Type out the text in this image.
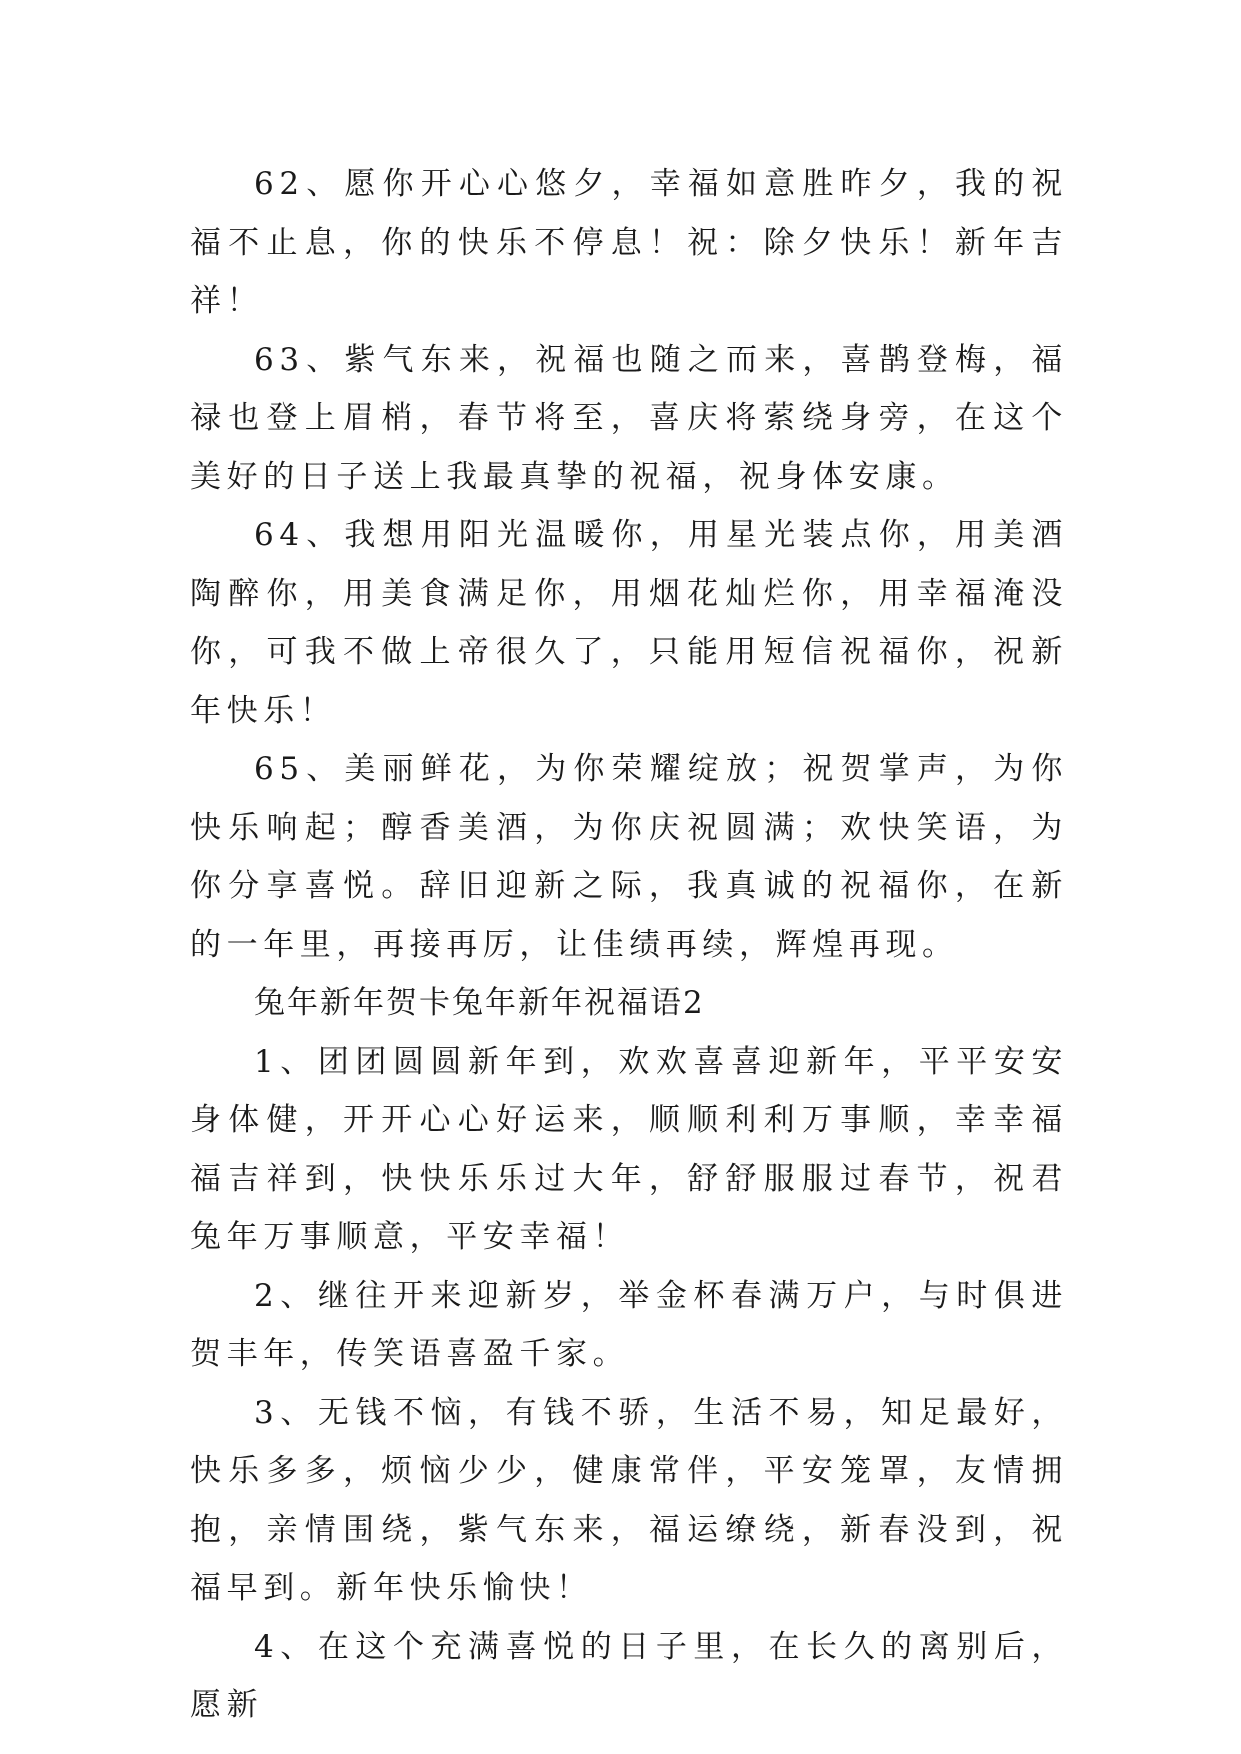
62、愿你开心心悠夕，幸福如意胜昨夕，我的祝福不止息，你的快乐不停息！祝：除夕快乐！新年吉祥！

63、紫气东来，祝福也随之而来，喜鹊登梅，福禄也登上眉梢，春节将至，喜庆将萦绕身旁，在这个美好的日子送上我最真挚的祝福，祝身体安康。

64、我想用阳光温暖你，用星光装点你，用美酒陶醉你，用美食满足你，用烟花灿烂你，用幸福淹没你，可我不做上帝很久了，只能用短信祝福你，祝新年快乐！

65、美丽鲜花，为你荣耀绽放；祝贺掌声，为你快乐响起；醇香美酒，为你庆祝圆满；欢快笑语，为你分享喜悦。辞旧迎新之际，我真诚的祝福你，在新的一年里，再接再厉，让佳绩再续，辉煌再现。

兔年新年贺卡兔年新年祝福语2

1、团团圆圆新年到，欢欢喜喜迎新年，平平安安身体健，开开心心好运来，顺顺利利万事顺，幸幸福福吉祥到，快快乐乐过大年，舒舒服服过春节，祝君兔年万事顺意，平安幸福！

2、继往开来迎新岁，举金杯春满万户，与时俱进贺丰年，传笑语喜盈千家。

3、无钱不恼，有钱不骄，生活不易，知足最好，快乐多多，烦恼少少，健康常伴，平安笼罩，友情拥抱，亲情围绕，紫气东来，福运缭绕，新春没到，祝福早到。新年快乐愉快！

4、在这个充满喜悦的日子里，在长久的离别后，愿新
